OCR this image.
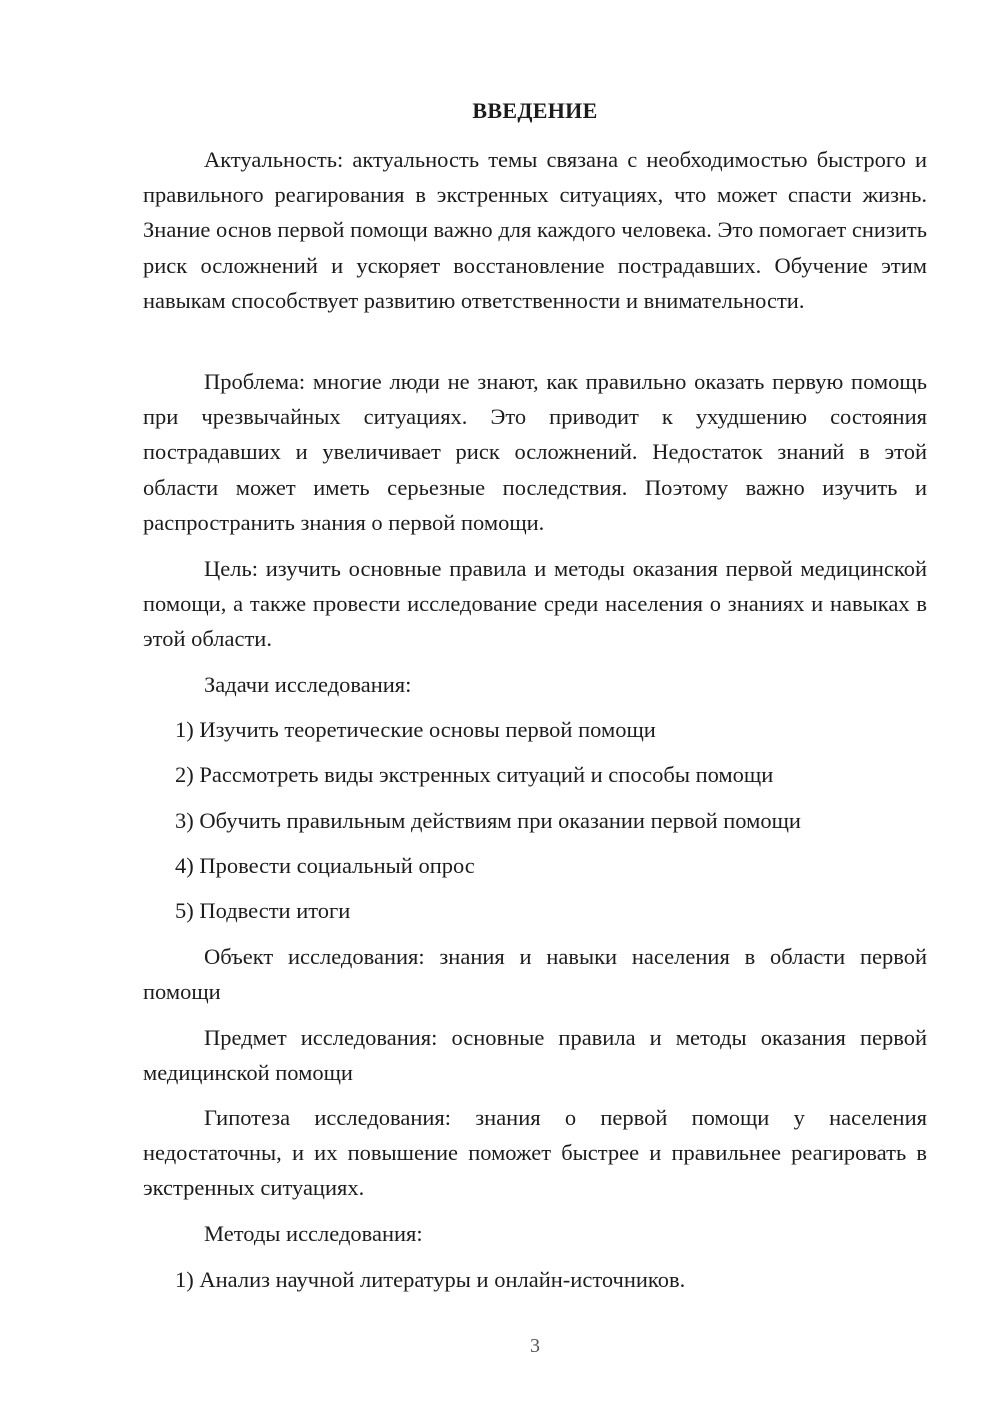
ВВЕДЕНИЕ
Актуальность: актуальность темы связана с необходимостью быстрого и правильного реагирования в экстренных ситуациях, что может спасти жизнь. Знание основ первой помощи важно для каждого человека. Это помогает снизить риск осложнений и ускоряет восстановление пострадавших. Обучение этим навыкам способствует развитию ответственности и внимательности.
Проблема: многие люди не знают, как правильно оказать первую помощь при чрезвычайных ситуациях. Это приводит к ухудшению состояния пострадавших и увеличивает риск осложнений. Недостаток знаний в этой области может иметь серьезные последствия. Поэтому важно изучить и распространить знания о первой помощи.
Цель: изучить основные правила и методы оказания первой медицинской помощи, а также провести исследование среди населения о знаниях и навыках в этой области.
Задачи исследования:
1) Изучить теоретические основы первой помощи
2) Рассмотреть виды экстренных ситуаций и способы помощи
3) Обучить правильным действиям при оказании первой помощи
4) Провести социальный опрос
5) Подвести итоги
Объект исследования: знания и навыки населения в области первой помощи
Предмет исследования: основные правила и методы оказания первой медицинской помощи
Гипотеза исследования: знания о первой помощи у населения недостаточны, и их повышение поможет быстрее и правильнее реагировать в экстренных ситуациях.
Методы исследования:
1) Анализ научной литературы и онлайн-источников.
3
